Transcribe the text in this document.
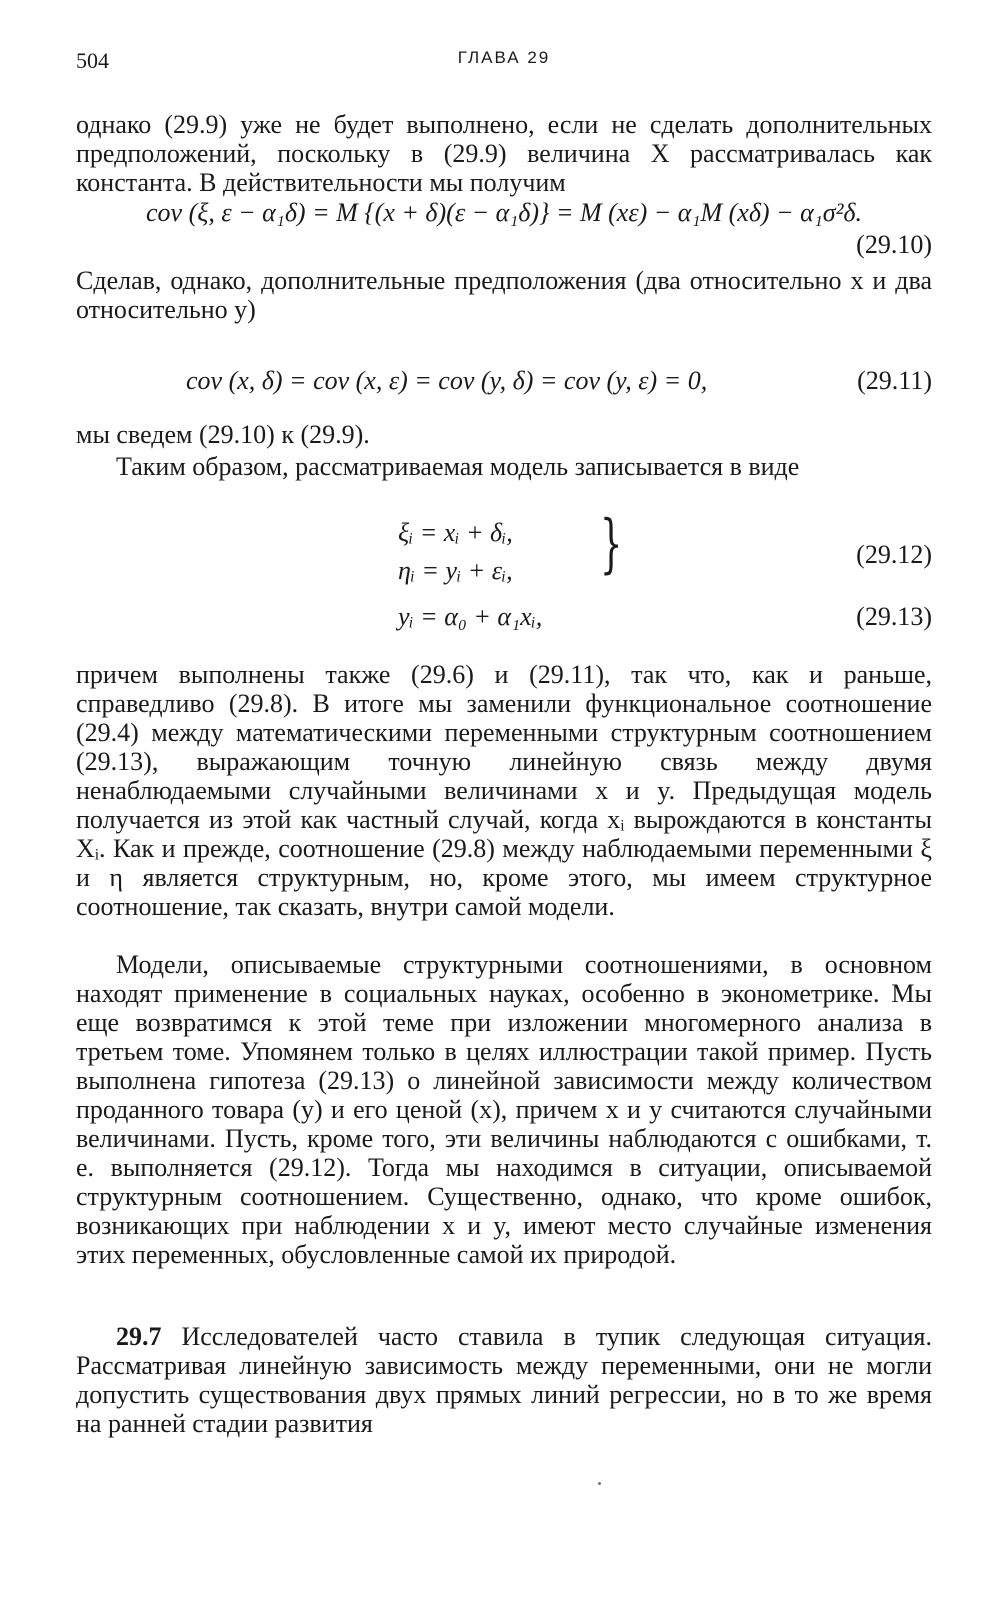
504	ГЛАВА 29
однако (29.9) уже не будет выполнено, если не сделать дополнительных предположений, поскольку в (29.9) величина X рассматривалась как константа. В действительности мы получим
cov (ξ, ε − α₁δ) = M {(x + δ)(ε − α₁δ)} = M (xε) − α₁M (xδ) − α₁σ²δ.
(29.10)
Сделав, однако, дополнительные предположения (два относительно x и два относительно y)
cov (x, δ) = cov (x, ε) = cov (y, δ) = cov (y, ε) = 0,	(29.11)
мы сведем (29.10) к (29.9).
Таким образом, рассматриваемая модель записывается в виде
ξᵢ = xᵢ + δᵢ,
ηᵢ = yᵢ + εᵢ, }	(29.12)
yᵢ = α₀ + α₁xᵢ,	(29.13)
причем выполнены также (29.6) и (29.11), так что, как и раньше, справедливо (29.8). В итоге мы заменили функциональное соотношение (29.4) между математическими переменными структурным соотношением (29.13), выражающим точную линейную связь между двумя ненаблюдаемыми случайными величинами x и y. Предыдущая модель получается из этой как частный случай, когда xᵢ вырождаются в константы Xᵢ. Как и прежде, соотношение (29.8) между наблюдаемыми переменными ξ и η является структурным, но, кроме этого, мы имеем структурное соотношение, так сказать, внутри самой модели.
Модели, описываемые структурными соотношениями, в основном находят применение в социальных науках, особенно в эконометрике. Мы еще возвратимся к этой теме при изложении многомерного анализа в третьем томе. Упомянем только в целях иллюстрации такой пример. Пусть выполнена гипотеза (29.13) о линейной зависимости между количеством проданного товара (y) и его ценой (x), причем x и y считаются случайными величинами. Пусть, кроме того, эти величины наблюдаются с ошибками, т. е. выполняется (29.12). Тогда мы находимся в ситуации, описываемой структурным соотношением. Существенно, однако, что кроме ошибок, возникающих при наблюдении x и y, имеют место случайные изменения этих переменных, обусловленные самой их природой.
29.7 Исследователей часто ставила в тупик следующая ситуация. Рассматривая линейную зависимость между переменными, они не могли допустить существования двух прямых линий регрессии, но в то же время на ранней стадии развития
